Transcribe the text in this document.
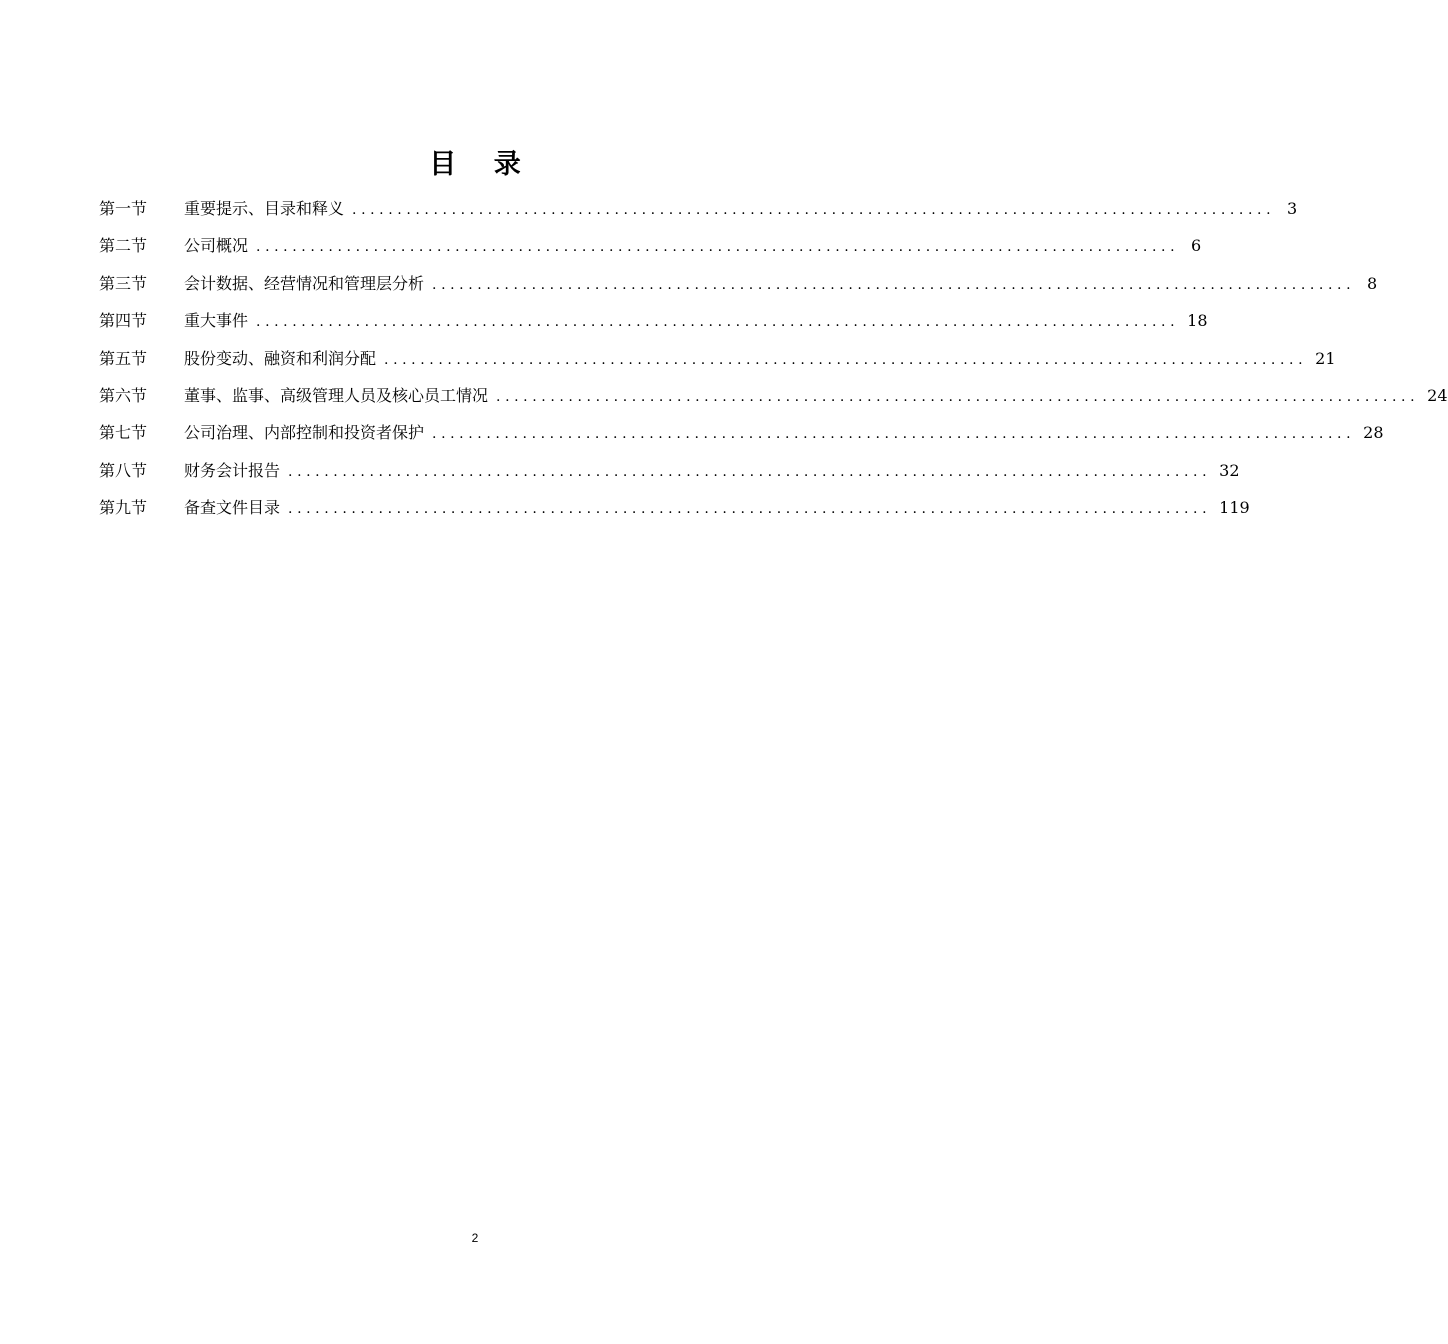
目 录
第一节	重要提示、目录和释义 ...................................................................................................... 3
第二节	公司概况 ...................................................................................................... 6
第三节	会计数据、经营情况和管理层分析 ...................................................................................................... 8
第四节	重大事件 ...................................................................................................... 18
第五节	股份变动、融资和利润分配 ...................................................................................................... 21
第六节	董事、监事、高级管理人员及核心员工情况 ...................................................................................................... 24
第七节	公司治理、内部控制和投资者保护 ...................................................................................................... 28
第八节	财务会计报告 ...................................................................................................... 32
第九节	备查文件目录 ...................................................................................................... 119
2
